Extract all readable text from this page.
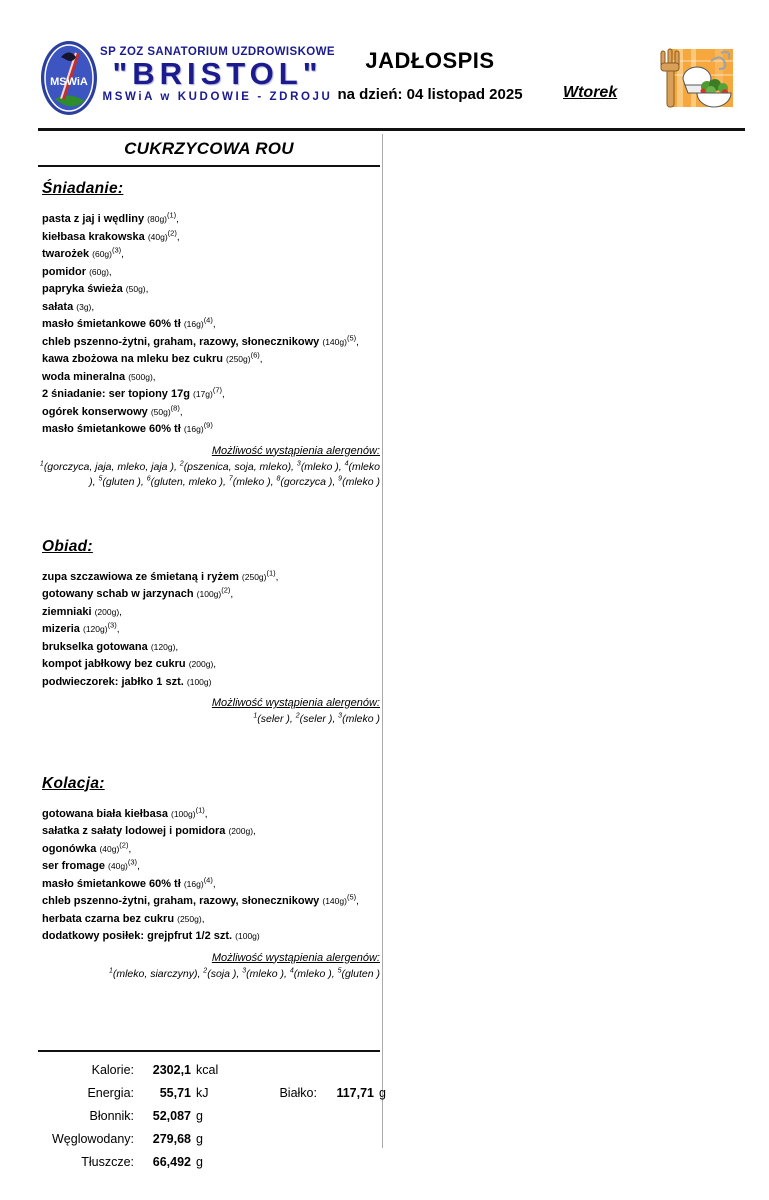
MSWiA
SP ZOZ SANATORIUM UZDROWISKOWE
"BRISTOL"
MSWiA w KUDOWIE - ZDROJU
JADŁOSPIS
na dzień: 04 listopad 2025	Wtorek
CUKRZYCOWA ROU
Śniadanie:
pasta z jaj i wędliny $(80g)^{(1)}$,
kiełbasa krakowska $(40g)^{(2)}$,
twarożek $(60g)^{(3)}$,
pomidor (60g),
papryka świeża (50g),
sałata (3g),
masło śmietankowe 60% tł $(16g)^{(4)}$,
chleb pszenno-żytni, graham, razowy, słonecznikowy $(140g)^{(5)}$,
kawa zbożowa na mleku bez cukru $(250g)^{(6)}$,
woda mineralna (500g),
2 śniadanie: ser topiony 17g $(17g)^{(7)}$,
ogórek konserwowy $(50g)^{(8)}$,
masło śmietankowe 60% tł $(16g)^{(9)}$
Możliwość wystąpienia alergenów:
$^1$(gorczyca, jaja, mleko, jaja ), $^2$(pszenica, soja, mleko), $^3$(mleko ), $^4$(mleko ), $^5$(gluten ), $^6$(gluten, mleko ), $^7$(mleko ), $^8$(gorczyca ), $^9$(mleko )
Obiad:
zupa szczawiowa ze śmietaną i ryżem $(250g)^{(1)}$,
gotowany schab w jarzynach $(100g)^{(2)}$,
ziemniaki (200g),
mizeria $(120g)^{(3)}$,
brukselka gotowana (120g),
kompot jabłkowy bez cukru (200g),
podwieczorek: jabłko 1 szt. (100g)
Możliwość wystąpienia alergenów:
$^1$(seler ), $^2$(seler ), $^3$(mleko )
Kolacja:
gotowana biała kiełbasa $(100g)^{(1)}$,
sałatka z sałaty lodowej i pomidora (200g),
ogonówka $(40g)^{(2)}$,
ser fromage $(40g)^{(3)}$,
masło śmietankowe 60% tł $(16g)^{(4)}$,
chleb pszenno-żytni, graham, razowy, słonecznikowy $(140g)^{(5)}$,
herbata czarna bez cukru (250g),
dodatkowy posiłek: grejpfrut 1/2 szt. (100g)
Możliwość wystąpienia alergenów:
$^1$(mleko, siarczyny), $^2$(soja ), $^3$(mleko ), $^4$(mleko ), $^5$(gluten )
Kalorie:	2302,1 kcal
Energia:	55,71 kJ	Białko:	117,71 g
Błonnik:	52,087 g
Węglowodany:	279,68 g
Tłuszcze:	66,492 g
